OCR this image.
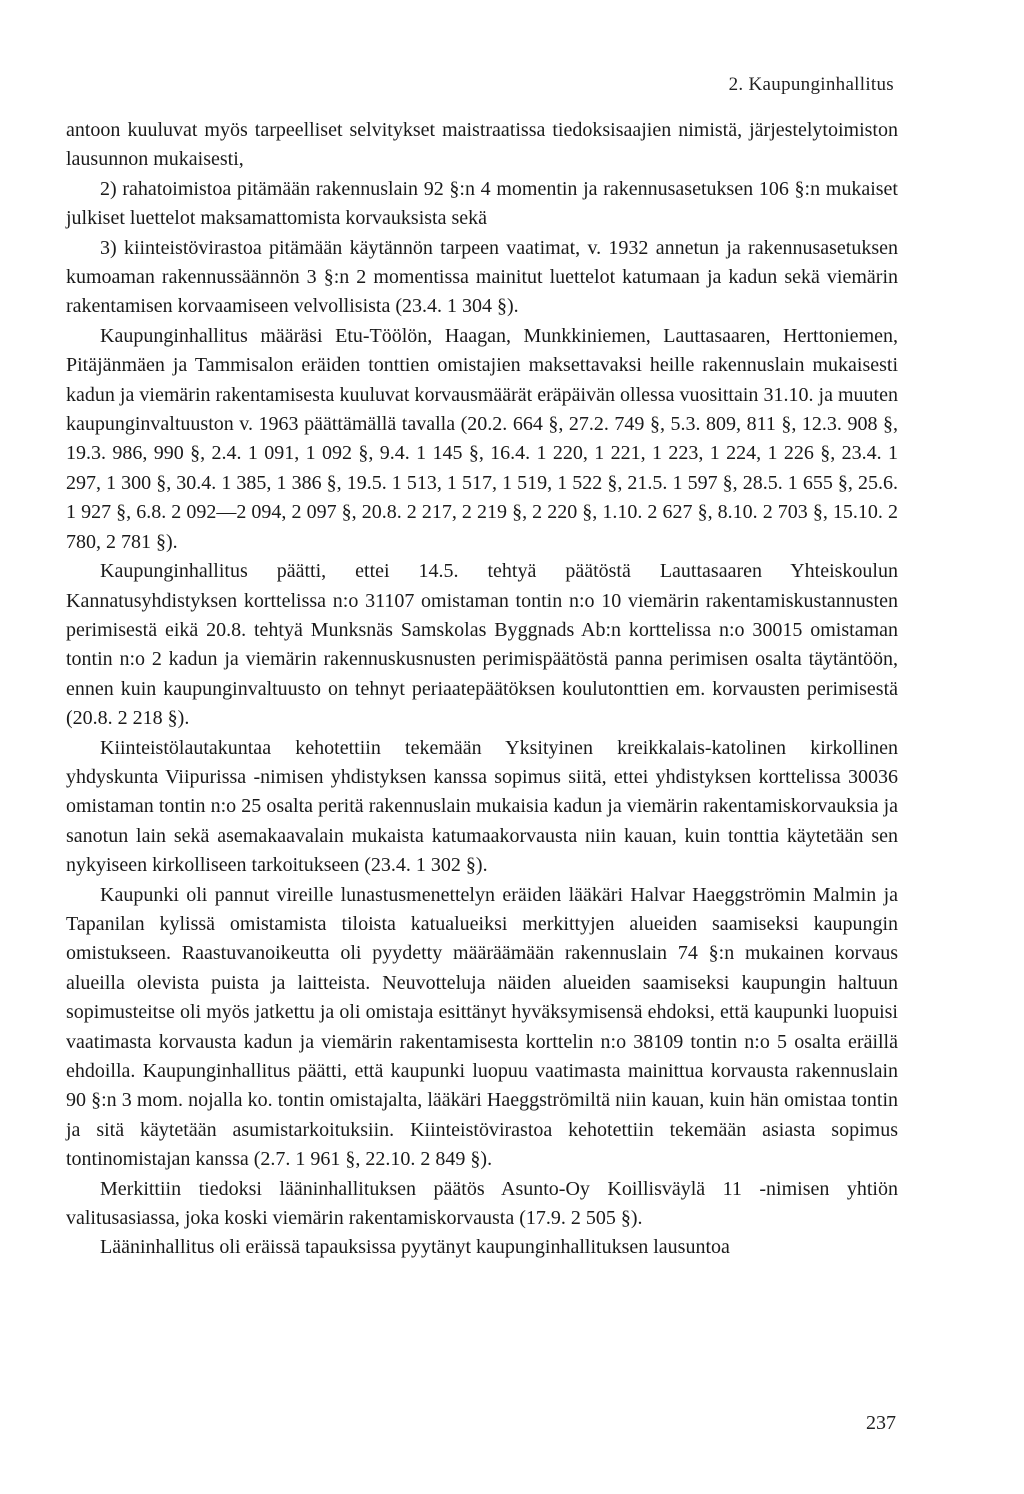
2. Kaupunginhallitus

antoon kuuluvat myös tarpeelliset selvitykset maistraatissa tiedoksisaajien nimistä, järjestelytoimiston lausunnon mukaisesti,

2) rahatoimistoa pitämään rakennuslain 92 §:n 4 momentin ja rakennusasetuksen 106 §:n mukaiset julkiset luettelot maksamattomista korvauksista sekä

3) kiinteistövirastoa pitämään käytännön tarpeen vaatimat, v. 1932 annetun ja rakennusasetuksen kumoaman rakennussäännön 3 §:n 2 momentissa mainitut luettelot katumaan ja kadun sekä viemärin rakentamisen korvaamiseen velvollisista (23.4. 1 304 §).

Kaupunginhallitus määräsi Etu-Töölön, Haagan, Munkkiniemen, Lauttasaaren, Herttoniemen, Pitäjänmäen ja Tammisalon eräiden tonttien omistajien maksettavaksi heille rakennuslain mukaisesti kadun ja viemärin rakentamisesta kuuluvat korvausmäärät eräpäivän ollessa vuosittain 31.10. ja muuten kaupunginvaltuuston v. 1963 päättämällä tavalla (20.2. 664 §, 27.2. 749 §, 5.3. 809, 811 §, 12.3. 908 §, 19.3. 986, 990 §, 2.4. 1 091, 1 092 §, 9.4. 1 145 §, 16.4. 1 220, 1 221, 1 223, 1 224, 1 226 §, 23.4. 1 297, 1 300 §, 30.4. 1 385, 1 386 §, 19.5. 1 513, 1 517, 1 519, 1 522 §, 21.5. 1 597 §, 28.5. 1 655 §, 25.6. 1 927 §, 6.8. 2 092—2 094, 2 097 §, 20.8. 2 217, 2 219 §, 2 220 §, 1.10. 2 627 §, 8.10. 2 703 §, 15.10. 2 780, 2 781 §).

Kaupunginhallitus päätti, ettei 14.5. tehtyä päätöstä Lauttasaaren Yhteiskoulun Kannatusyhdistyksen korttelissa n:o 31107 omistaman tontin n:o 10 viemärin rakentamiskustannusten perimisestä eikä 20.8. tehtyä Munksnäs Samskolas Byggnads Ab:n korttelissa n:o 30015 omistaman tontin n:o 2 kadun ja viemärin rakennuskusnusten perimispäätöstä panna perimisen osalta täytäntöön, ennen kuin kaupunginvaltuusto on tehnyt periaatepäätöksen koulutonttien em. korvausten perimisestä (20.8. 2 218 §).

Kiinteistölautakuntaa kehotettiin tekemään Yksityinen kreikkalais-katolinen kirkollinen yhdyskunta Viipurissa -nimisen yhdistyksen kanssa sopimus siitä, ettei yhdistyksen korttelissa 30036 omistaman tontin n:o 25 osalta peritä rakennuslain mukaisia kadun ja viemärin rakentamiskorvauksia ja sanotun lain sekä asemakaavalain mukaista katumaakorvausta niin kauan, kuin tonttia käytetään sen nykyiseen kirkolliseen tarkoitukseen (23.4. 1 302 §).

Kaupunki oli pannut vireille lunastusmenettelyn eräiden lääkäri Halvar Haeggströmin Malmin ja Tapanilan kylissä omistamista tiloista katualueiksi merkittyjen alueiden saamiseksi kaupungin omistukseen. Raastuvanoikeutta oli pyydetty määräämään rakennuslain 74 §:n mukainen korvaus alueilla olevista puista ja laitteista. Neuvotteluja näiden alueiden saamiseksi kaupungin haltuun sopimusteitse oli myös jatkettu ja oli omistaja esittänyt hyväksymisensä ehdoksi, että kaupunki luopuisi vaatimasta korvausta kadun ja viemärin rakentamisesta korttelin n:o 38109 tontin n:o 5 osalta eräillä ehdoilla. Kaupunginhallitus päätti, että kaupunki luopuu vaatimasta mainittua korvausta rakennuslain 90 §:n 3 mom. nojalla ko. tontin omistajalta, lääkäri Haeggströmiltä niin kauan, kuin hän omistaa tontin ja sitä käytetään asumistarkoituksiin. Kiinteistövirastoa kehotettiin tekemään asiasta sopimus tontinomistajan kanssa (2.7. 1 961 §, 22.10. 2 849 §).

Merkittiin tiedoksi lääninhallituksen päätös Asunto-Oy Koillisväylä 11 -nimisen yhtiön valitusasiassa, joka koski viemärin rakentamiskorvausta (17.9. 2 505 §).

Lääninhallitus oli eräissä tapauksissa pyytänyt kaupunginhallituksen lausuntoa

237
